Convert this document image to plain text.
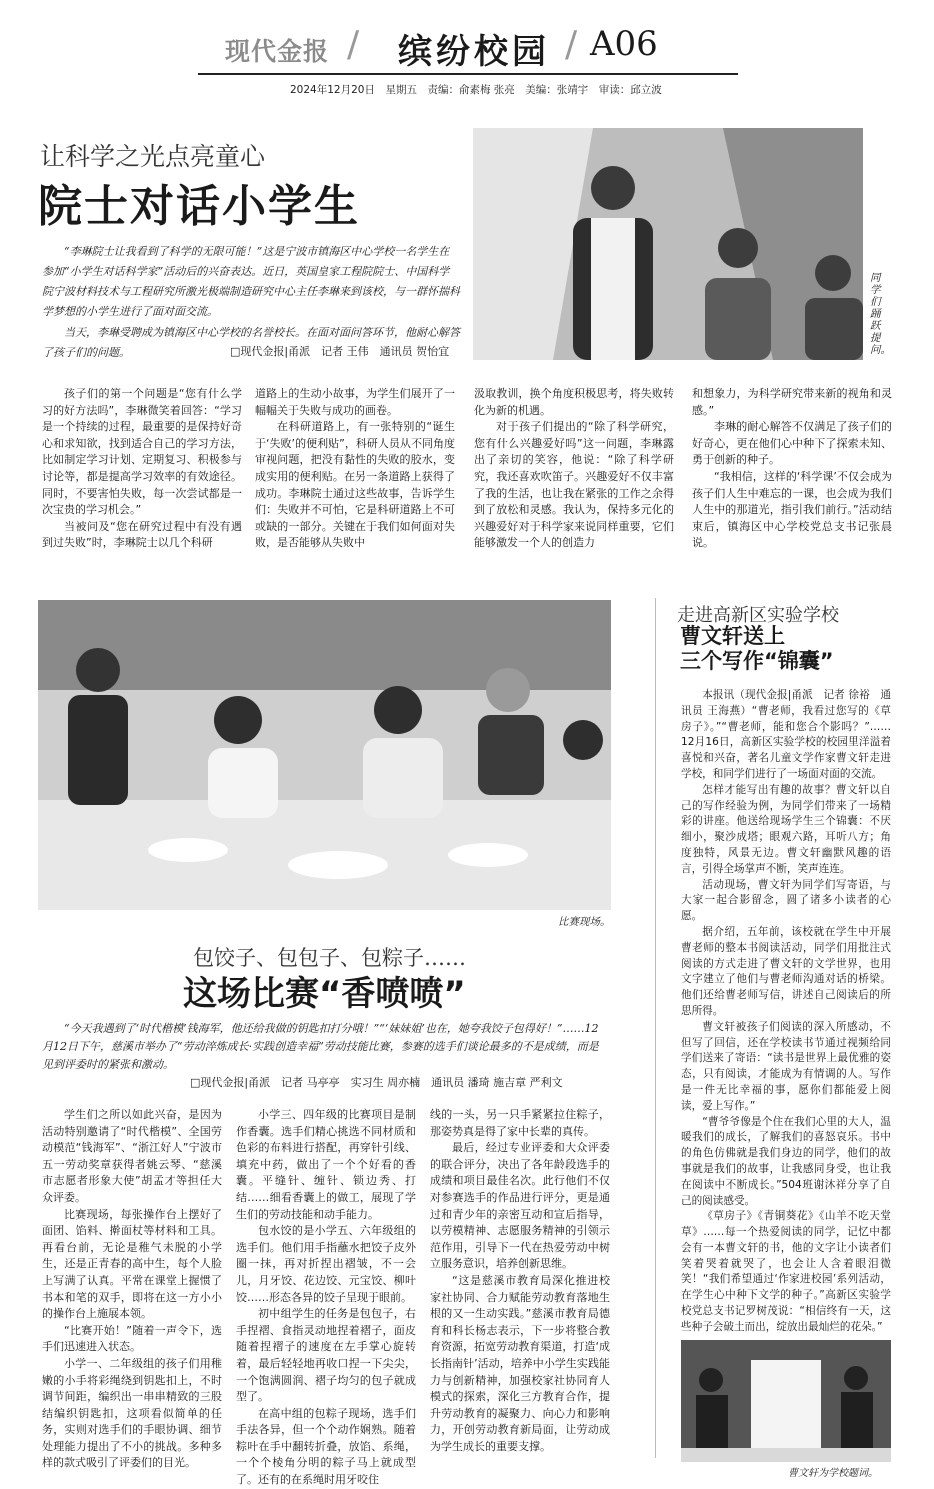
现代金报 / 缤纷校园 / A06
2024年12月20日　星期五　责编：俞素梅 张亮　美编：张靖宇　审读：邱立波
让科学之光点亮童心
院士对话小学生
“李琳院士让我看到了科学的无限可能！”这是宁波市镇海区中心学校一名学生在参加“小学生对话科学家”活动后的兴奋表达。近日，英国皇家工程院院士、中国科学院宁波材料技术与工程研究所激光极端制造研究中心主任李琳来到该校，与一群怀揣科学梦想的小学生进行了面对面交流。
当天，李琳受聘成为镇海区中心学校的名誉校长。在面对面问答环节，他耐心解答了孩子们的问题。	□现代金报|甬派　记者 王伟　通讯员 贺怡宜
同学们踊跃提问。

孩子们的第一个问题是“您有什么学习的好方法吗”，李琳微笑着回答：“学习是一个持续的过程，最重要的是保持好奇心和求知欲，找到适合自己的学习方法，比如制定学习计划、定期复习、积极参与讨论等，都是提高学习效率的有效途径。同时，不要害怕失败，每一次尝试都是一次宝贵的学习机会。”

当被问及“您在研究过程中有没有遇到过失败”时，李琳院士以几个科研

道路上的生动小故事，为学生们展开了一幅幅关于失败与成功的画卷。

在科研道路上，有一张特别的“诞生于‘失败’的便利贴”，科研人员从不同角度审视问题，把没有黏性的失败的胶水，变成实用的便利贴。在另一条道路上获得了成功。李琳院士通过这些故事，告诉学生们：失败并不可怕，它是科研道路上不可或缺的一部分。关键在于我们如何面对失败，是否能够从失败中

汲取教训，换个角度积极思考，将失败转化为新的机遇。

对于孩子们提出的“除了科学研究，您有什么兴趣爱好吗”这一问题，李琳露出了亲切的笑容，他说：“除了科学研究，我还喜欢吹笛子。兴趣爱好不仅丰富了我的生活，也让我在紧张的工作之余得到了放松和灵感。我认为，保持多元化的兴趣爱好对于科学家来说同样重要，它们能够激发一个人的创造力

和想象力，为科学研究带来新的视角和灵感。”

李琳的耐心解答不仅满足了孩子们的好奇心，更在他们心中种下了探索未知、勇于创新的种子。

“我相信，这样的‘科学课’不仅会成为孩子们人生中难忘的一课，也会成为我们人生中的那道光，指引我们前行。”活动结束后，镇海区中心学校党总支书记张晨说。

比赛现场。
包饺子、包包子、包粽子……
这场比赛“香喷喷”
“今天我遇到了‘时代楷模’钱海军，他还给我做的钥匙扣打分哦！”“‘妹妹姐’也在，她夸我饺子包得好！”……12月12日下午，慈溪市举办了“劳动淬炼成长·实践创造幸福”劳动技能比赛，参赛的选手们谈论最多的不是成绩，而是见到评委时的紧张和激动。
□现代金报|甬派　记者 马亭亭　实习生 周亦楠　通讯员 潘琦 施吉章 严利文

学生们之所以如此兴奋，是因为活动特别邀请了“时代楷模”、全国劳动模范“钱海军”、“浙江好人”宁波市五一劳动奖章获得者姚云琴、“慈溪市志愿者形象大使”胡孟才等担任大众评委。

比赛现场，每张操作台上摆好了面团、馅料、擀面杖等材料和工具。再看台前，无论是稚气未脱的小学生，还是正青春的高中生，每个人脸上写满了认真。平常在课堂上握惯了书本和笔的双手，即将在这一方小小的操作台上施展本领。

“比赛开始！”随着一声令下，选手们迅速进入状态。

小学一、二年级组的孩子们用稚嫩的小手将彩绳绕到钥匙扣上，不时调节间距，编织出一串串精致的三股结编织钥匙扣，这项看似简单的任务，实则对选手们的手眼协调、细节处理能力提出了不小的挑战。多种多样的款式吸引了评委们的目光。

小学三、四年级的比赛项目是制作香囊。选手们精心挑选不同材质和色彩的布料进行搭配，再穿针引线、填充中药，做出了一个个好看的香囊。平缝针、缠针、锁边秀、打结……细看香囊上的做工，展现了学生们的劳动技能和动手能力。

包水饺的是小学五、六年级组的选手们。他们用手指蘸水把饺子皮外圈一抹，再对折捏出褶皱，不一会儿，月牙饺、花边饺、元宝饺、柳叶饺……形态各异的饺子呈现于眼前。

初中组学生的任务是包包子，右手捏褶、食指灵动地捏着褶子，面皮随着捏褶子的速度在左手掌心旋转着，最后轻轻地再收口捏一下尖尖，一个饱满圆润、褶子均匀的包子就成型了。

在高中组的包粽子现场，选手们手法各异，但一个个动作娴熟。随着粽叶在手中翻转折叠，放馅、系绳，一个个棱角分明的粽子马上就成型了。还有的在系绳时用牙咬住

线的一头，另一只手紧紧拉住粽子，那姿势真是得了家中长辈的真传。

最后，经过专业评委和大众评委的联合评分，决出了各年龄段选手的成绩和项目最佳名次。此行他们不仅对参赛选手的作品进行评分，更是通过和青少年的亲密互动和宣后指导，以劳模精神、志愿服务精神的引领示范作用，引导下一代在热爱劳动中树立服务意识，培养创新思维。

“这是慈溪市教育局深化推进校家社协同、合力赋能劳动教育落地生根的又一生动实践。”慈溪市教育局德育和科长杨志表示，下一步将整合教育资源，拓宽劳动教育渠道，打造‘成长指南针’活动，培养中小学生实践能力与创新精神，加强校家社协同育人模式的探索，深化三方教育合作，提升劳动教育的凝聚力、向心力和影响力，开创劳动教育新局面，让劳动成为学生成长的重要支撑。

走进高新区实验学校
曹文轩送上
三个写作“锦囊”

本报讯（现代金报|甬派　记者 徐裕　通讯员 王海燕）“曹老师，我看过您写的《草房子》。”“曹老师，能和您合个影吗？”……12月16日，高新区实验学校的校园里洋溢着喜悦和兴奋，著名儿童文学作家曹文轩走进学校，和同学们进行了一场面对面的交流。

怎样才能写出有趣的故事？曹文轩以自己的写作经验为例，为同学们带来了一场精彩的讲座。他送给现场学生三个锦囊：不厌细小，聚沙成塔；眼观六路，耳听八方；角度独特，风景无边。曹文轩幽默风趣的语言，引得全场掌声不断，笑声连连。

活动现场，曹文轩为同学们写寄语，与大家一起合影留念，圆了诸多小读者的心愿。

据介绍，五年前，该校就在学生中开展曹老师的整本书阅读活动，同学们用批注式阅读的方式走进了曹文轩的文学世界，也用文字建立了他们与曹老师沟通对话的桥梁。他们还给曹老师写信，讲述自己阅读后的所思所得。

曹文轩被孩子们阅读的深入所感动，不但写了回信，还在学校读书节通过视频给同学们送来了寄语：“读书是世界上最优雅的姿态，只有阅读，才能成为有情调的人。写作是一件无比幸福的事，愿你们都能爱上阅读，爱上写作。”

“曹爷爷像是个住在我们心里的大人，温暖我们的成长，了解我们的喜怒哀乐。书中的角色仿佛就是我们身边的同学，他们的故事就是我们的故事，让我感同身受，也让我在阅读中不断成长。”504班谢沐祥分享了自己的阅读感受。

《草房子》《青铜葵花》《山羊不吃天堂草》……每一个热爱阅读的同学，记忆中都会有一本曹文轩的书，他的文字让小读者们笑着哭着就哭了，也会让人含着眼泪微笑！“我们希望通过‘作家进校园’系列活动，在学生心中种下文学的种子。”高新区实验学校党总支书记罗树茂说：“相信终有一天，这些种子会破土而出，绽放出最灿烂的花朵。”

曹文轩为学校题词。
